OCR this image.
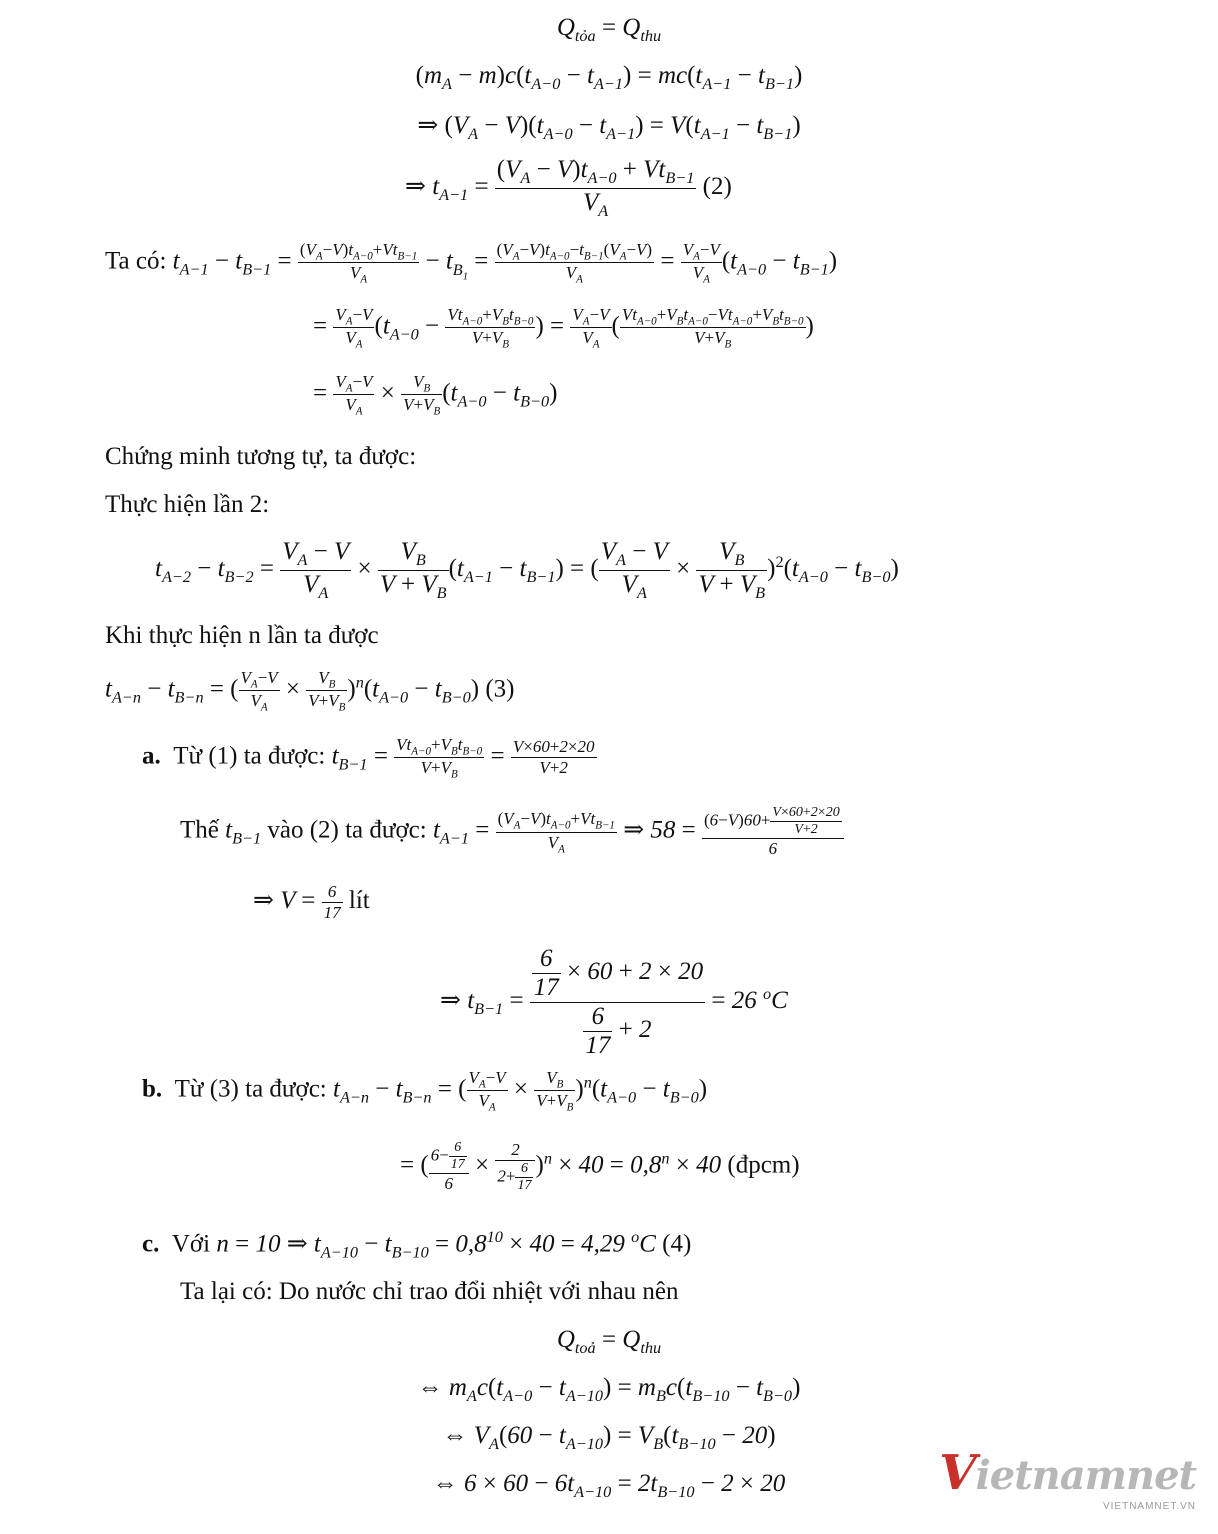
$Q_{tỏa} = Q_{thu}$
$(m_A - m)c(t_{A-0} - t_{A-1}) = mc(t_{A-1} - t_{B-1})$
⇒ $(V_A - V)(t_{A-0} - t_{A-1}) = V(t_{A-1} - t_{B-1})$
⇒ $t_{A-1}$ =
$(V_A - V)t_{A-0} + Vt_{B-1}$
$V_A$
(2)
Ta có: $t_{A-1} - t_{B-1} = (V_A-V)t_{A-0}+Vt_{B-1}$
$V_A$
− $t_{B_1} = \frac{(V_A-V)t_{A-0}-t_{B-1}(V_A-V)}{V_A} = \frac{V_A-V}{V_A} (t_{A-0} - t_{B-1})$
= $\frac{V_A-V}{V_A} (t_{A-0} - Vt_{A-0}+V_Bt_{B-0}$
$V+V_B$
) = $\frac{V_A-V}{V_A}$ ( $Vt_{A-0}+V_Bt_{A-0}-Vt_{A-0}+V_Bt_{B-0}$
$V+V_B$
)
= $\frac{V_A-V}{V_A} \times \frac{V_B}{V+V_B} (t_{A-0} - t_{B-0})$
Chứng minh tương tự, ta được:
Thực hiện lần 2:
$t_{A-2} - t_{B-2} = \frac{V_A - V}{V_A} \times \frac{V_B}{V + V_B} (t_{A-1} - t_{B-1})$ = ( $\frac{V_A - V}{V_A} \times \frac{V_B}{V + V_B} )^2(t_{A-0} - t_{B-0})$
Khi thực hiện n lần ta được
$t_{A-n} - t_{B-n}$ = ( $\frac{V_A-V}{V_A} \times \frac{V_B}{V+V_B} )^n(t_{A-0} - t_{B-0})$ (3)
a. Từ (1) ta được: $t_{B-1} = Vt_{A-0}+V_Bt_{B-0}$
$V+V_B$
= $\frac{V\times 60+2\times 20}{V+2}$
Thế $t_{B-1}$ vào (2) ta được: $t_{A-1} = (V_A-V)t_{A-0}+Vt_{B-1}$
$V_A$
⇒ $58 = \frac{(6-V)60+ \frac{V\times 60+2\times 20}{V+2}}{6}$
⇒ $V = \frac{6}{17}$ lít
⇒ $t_{B-1} = \frac{\frac{6}{17} \times 60 + 2 \times 20}{\frac{6}{17} + 2} = 26$ $^o$C
b. Từ (3) ta được: $t_{A-n} - t_{B-n}$ = ( $\frac{V_A-V}{V_A} \times \frac{V_B}{V+V_B} )^n(t_{A-0} - t_{B-0})$
= ( $\frac{6- \frac{6}{17}}{6} \times \frac{2}{2+ \frac{6}{17}} )^n \times 40 = 0,8^n \times 40$ (đpcm)
c. Với n = 10 ⇒ $t_{A-10} - t_{B-10} = 0,8^{10} \times 40 = 4,29$ $^o$C (4)
Ta lại có: Do nước chỉ trao đổi nhiệt với nhau nên
$Q_{toả} = Q_{thu}$
⇔ $m_Ac(t_{A-0} - t_{A-10}) = m_Bc(t_{B-10} - t_{B-0})$
⇔ $V_A(60 - t_{A-10}) = V_B(t_{B-10} - 20)$
⇔ $6 \times 60 - 6t_{A-10} = 2t_{B-10} - 2 \times 20$	Vietnamnet
VIETNAMNET.VN
